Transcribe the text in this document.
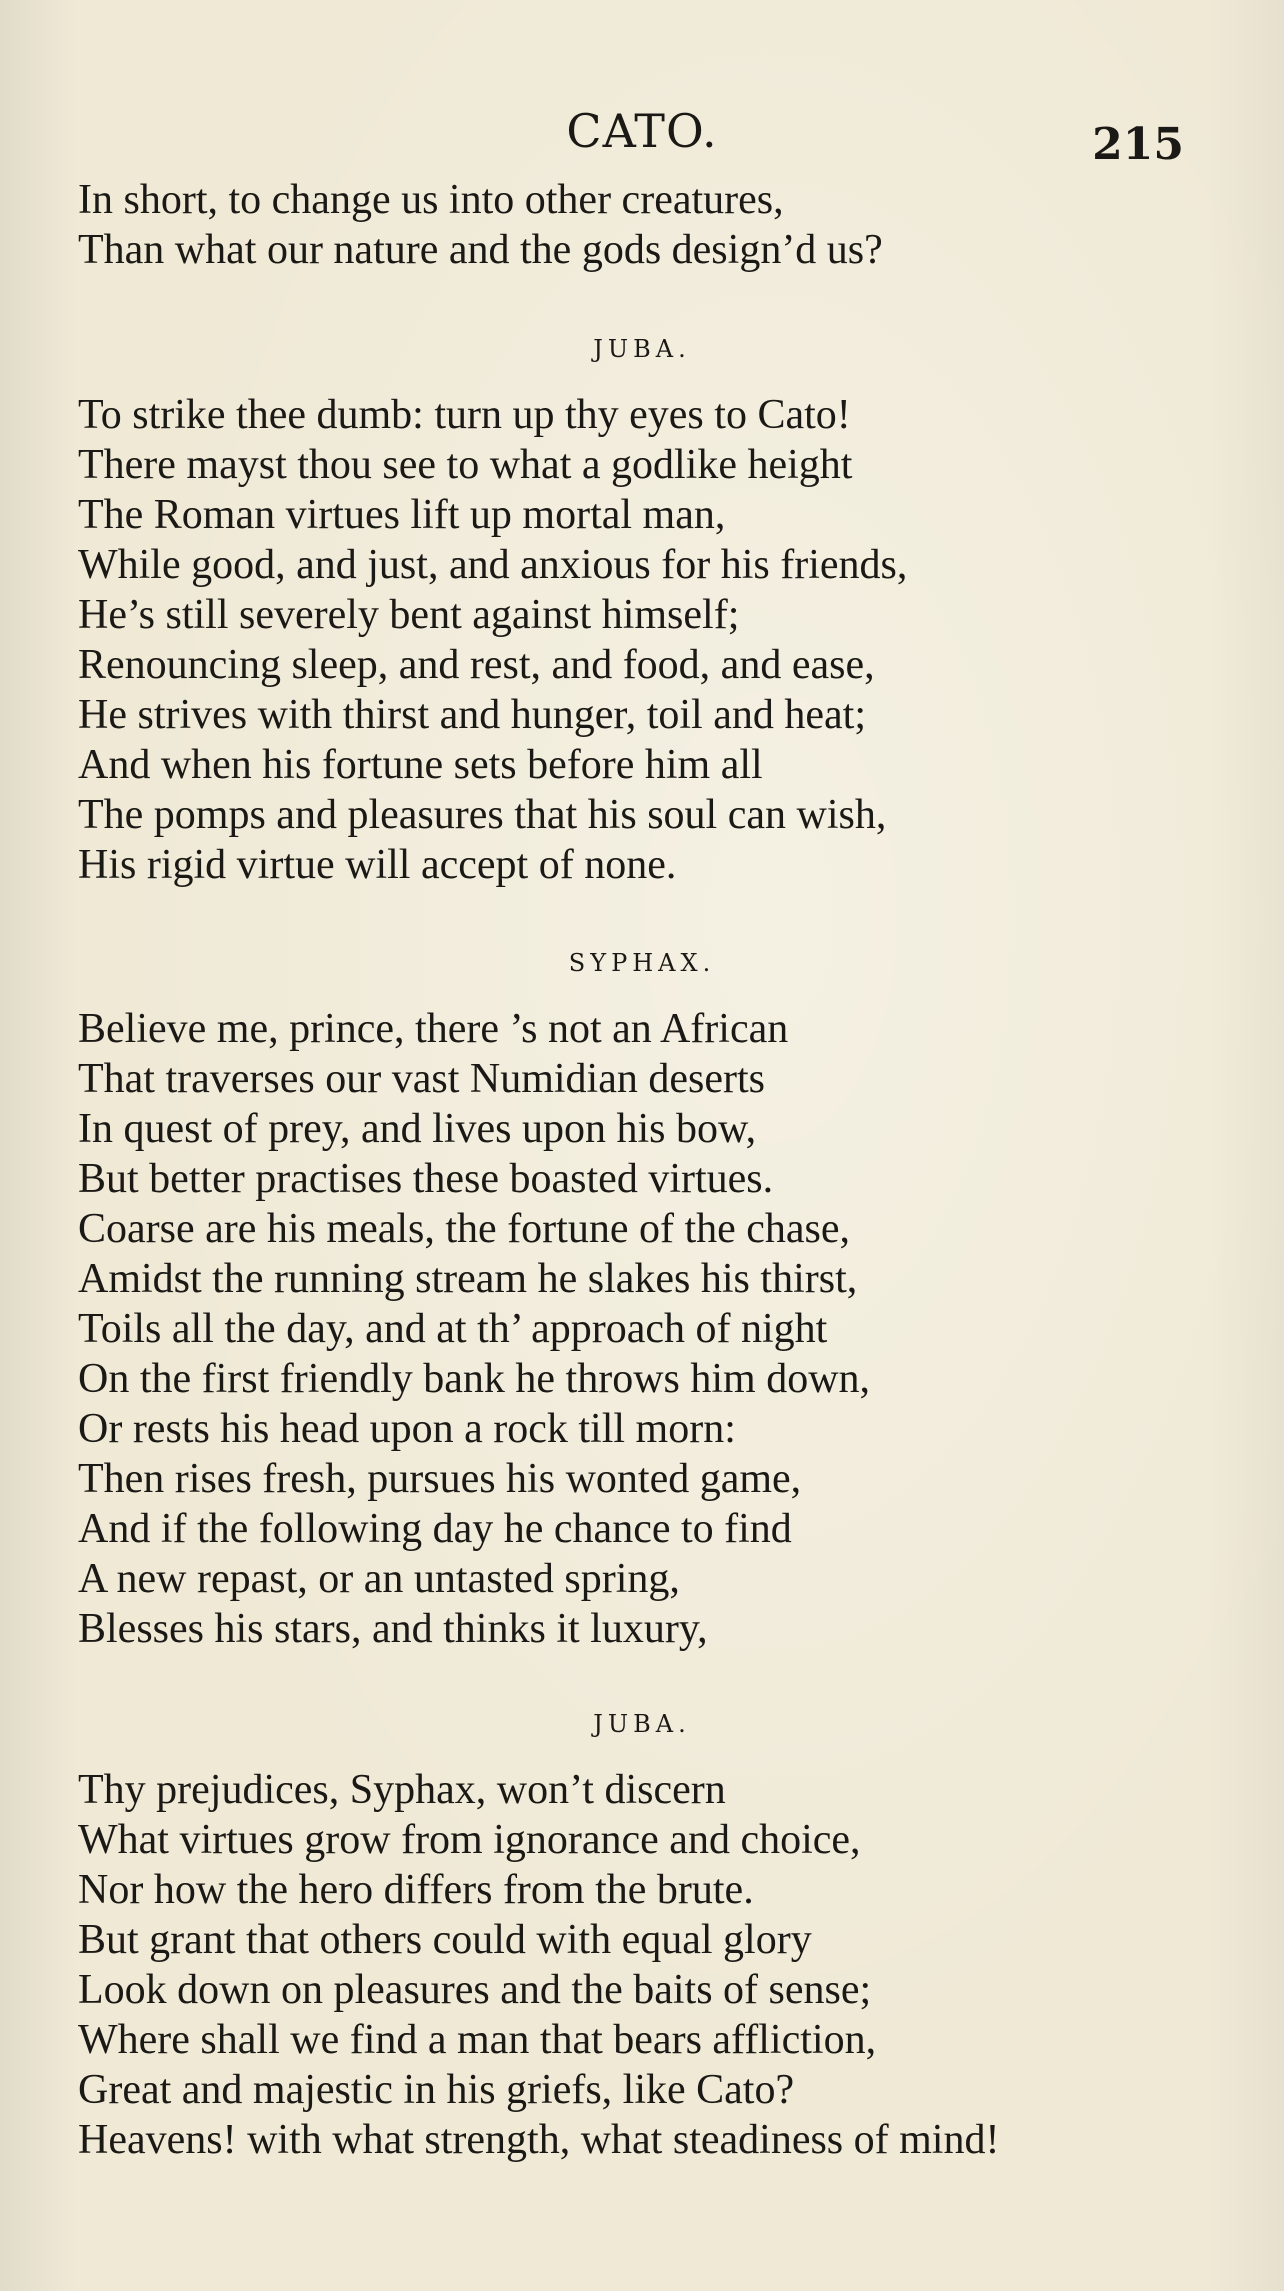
CATO.	215
In short, to change us into other creatures,
Than what our nature and the gods design’d us?
JUBA.
To strike thee dumb: turn up thy eyes to Cato!
There mayst thou see to what a godlike height
The Roman virtues lift up mortal man,
While good, and just, and anxious for his friends,
He’s still severely bent against himself;
Renouncing sleep, and rest, and food, and ease,
He strives with thirst and hunger, toil and heat;
And when his fortune sets before him all
The pomps and pleasures that his soul can wish,
His rigid virtue will accept of none.
SYPHAX.
Believe me, prince, there ’s not an African
That traverses our vast Numidian deserts
In quest of prey, and lives upon his bow,
But better practises these boasted virtues.
Coarse are his meals, the fortune of the chase,
Amidst the running stream he slakes his thirst,
Toils all the day, and at th’ approach of night
On the first friendly bank he throws him down,
Or rests his head upon a rock till morn:
Then rises fresh, pursues his wonted game,
And if the following day he chance to find
A new repast, or an untasted spring,
Blesses his stars, and thinks it luxury,
JUBA.
Thy prejudices, Syphax, won’t discern
What virtues grow from ignorance and choice,
Nor how the hero differs from the brute.
But grant that others could with equal glory
Look down on pleasures and the baits of sense;
Where shall we find a man that bears affliction,
Great and majestic in his griefs, like Cato?
Heavens! with what strength, what steadiness of mind!
